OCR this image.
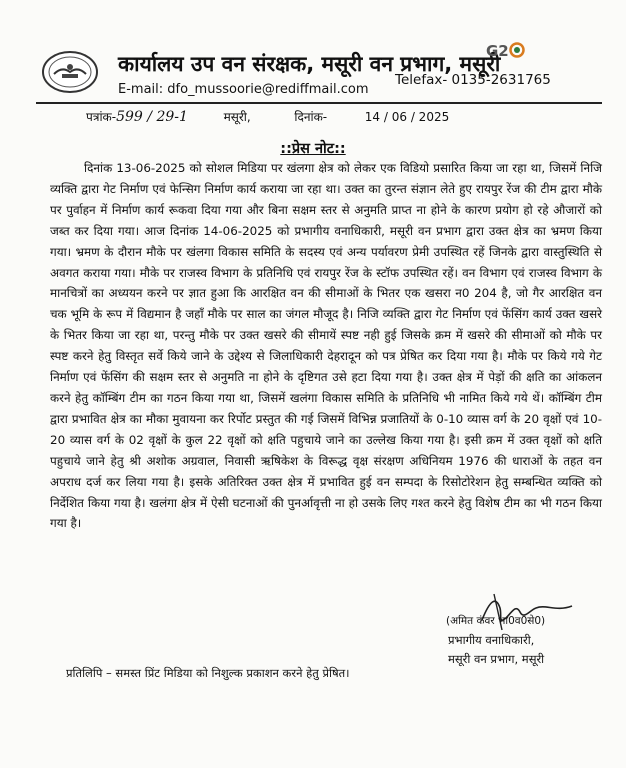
कार्यालय उप वन संरक्षक, मसूरी वन प्रभाग, मसूरी
G2
E-mail: dfo_mussoorie@rediffmail.com
Telefax- 0135-2631765
पत्रांक-599 / 29-1	मसूरी,	दिनांक-	14 / 06 / 2025
::प्रेस नोट::

दिनांक 13-06-2025 को सोशल मिडिया पर खंलगा क्षेत्र को लेकर एक विडियो प्रसारित किया जा रहा था, जिसमें निजि व्यक्ति द्वारा गेट निर्माण एवं फेन्सिग निर्माण कार्य कराया जा रहा था। उक्त का तुरन्त संज्ञान लेते हुए रायपुर रेंज की टीम द्वारा मौके पर पुर्वाहन में निर्माण कार्य रूकवा दिया गया और बिना सक्षम स्तर से अनुमति प्राप्त ना होने के कारण प्रयोग हो रहे औजारों को जब्त कर दिया गया। आज दिनांक 14-06-2025 को प्रभागीय वनाधिकारी, मसूरी वन प्रभाग द्वारा उक्त क्षेत्र का भ्रमण किया गया। भ्रमण के दौरान मौके पर खंलगा विकास समिति के सदस्य एवं अन्य पर्यावरण प्रेमी उपस्थित रहें जिनके द्वारा वास्तुस्थिति से अवगत कराया गया। मौके पर राजस्व विभाग के प्रतिनिधि एवं रायपुर रेंज के स्टॉफ उपस्थित रहें। वन विभाग एवं राजस्व विभाग के मानचित्रों का अध्ययन करने पर ज्ञात हुआ कि आरक्षित वन की सीमाओं के भितर एक खसरा न0 204 है, जो गैर आरक्षित वन चक भूमि के रूप में विद्यमान है जहाँ मौके पर साल का जंगल मौजूद है। निजि व्यक्ति द्वारा गेट निर्माण एवं फेंसिंग कार्य उक्त खसरे के भितर किया जा रहा था, परन्तु मौके पर उक्त खसरे की सीमायें स्पष्ट नही हुई जिसके क्रम में खसरे की सीमाओं को मौके पर स्पष्ट करने हेतु विस्तृत सर्वे किये जाने के उद्देश्य से जिलाधिकारी देहरादून को पत्र प्रेषित कर दिया गया है। मौके पर किये गये गेट निर्माण एवं फेंसिंग की सक्षम स्तर से अनुमति ना होने के दृष्टिगत उसे हटा दिया गया है। उक्त क्षेत्र में पेड़ों की क्षति का आंकलन करने हेतु कॉम्बिंग टीम का गठन किया गया था, जिसमें खलंगा विकास समिति के प्रतिनिधि भी नामित किये गये थें। कॉम्बिंग टीम द्वारा प्रभावित क्षेत्र का मौका मुवायना कर रिर्पोट प्रस्तुत की गई जिसमें विभिन्न प्रजातियों के 0-10 व्यास वर्ग के 20 वृक्षों एवं 10-20 व्यास वर्ग के 02 वृक्षों के कुल 22 वृक्षों को क्षति पहुचाये जाने का उल्लेख किया गया है। इसी क्रम में उक्त वृक्षों को क्षति पहुचाये जाने हेतु श्री अशोक अग्रवाल, निवासी ऋषिकेश के विरूद्ध वृक्ष संरक्षण अधिनियम 1976 की धाराओं के तहत वन अपराध दर्ज कर लिया गया है। इसके अतिरिक्त उक्त क्षेत्र में प्रभावित हुई वन सम्पदा के रिसोटोरेशन हेतु सम्बन्धित व्यक्ति को निर्देशित किया गया है। खलंगा क्षेत्र में ऐसी घटनाओं की पुनर्आवृत्ती ना हो उसके लिए गश्त करने हेतु विशेष टीम का भी गठन किया गया है।

(अमित कंवर भा0व0से0)
प्रभागीय वनाधिकारी,
मसूरी वन प्रभाग, मसूरी
प्रतिलिपि – समस्त प्रिंट मिडिया को निशुल्क प्रकाशन करने हेतु प्रेषित।
